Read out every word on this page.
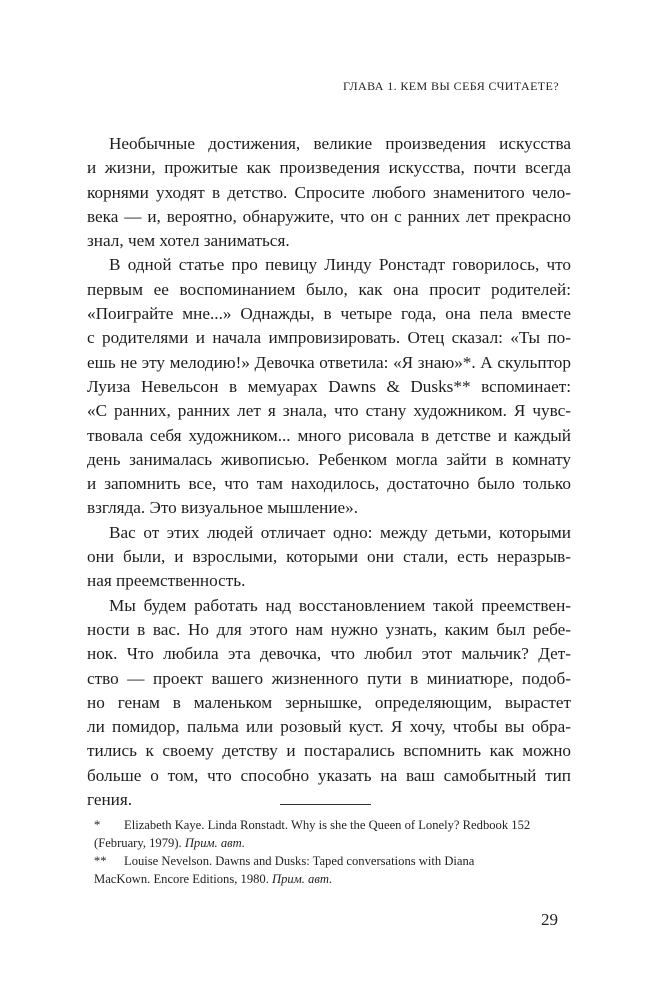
ГЛАВА 1. КЕМ ВЫ СЕБЯ СЧИТАЕТЕ?

Необычные достижения, великие произведения искусства

и жизни, прожитые как произведения искусства, почти всегда

корнями уходят в детство. Спросите любого знаменитого чело-

века — и, вероятно, обнаружите, что он с ранних лет прекрасно

знал, чем хотел заниматься.

В одной статье про певицу Линду Ронстадт говорилось, что

первым ее воспоминанием было, как она просит родителей:

«Поиграйте мне...» Однажды, в четыре года, она пела вместе

с родителями и начала импровизировать. Отец сказал: «Ты по-

ешь не эту мелодию!» Девочка ответила: «Я знаю»*. А скульптор

Луиза Невельсон в мемуарах Dawns & Dusks** вспоминает:

«С ранних, ранних лет я знала, что стану художником. Я чувс-

твовала себя художником... много рисовала в детстве и каждый

день занималась живописью. Ребенком могла зайти в комнату

и запомнить все, что там находилось, достаточно было только

взгляда. Это визуальное мышление».

Вас от этих людей отличает одно: между детьми, которыми

они были, и взрослыми, которыми они стали, есть неразрыв-

ная преемственность.

Мы будем работать над восстановлением такой преемствен-

ности в вас. Но для этого нам нужно узнать, каким был ребе-

нок. Что любила эта девочка, что любил этот мальчик? Дет-

ство — проект вашего жизненного пути в миниатюре, подоб-

но генам в маленьком зернышке, определяющим, вырастет

ли помидор, пальма или розовый куст. Я хочу, чтобы вы обра-

тились к своему детству и постарались вспомнить как можно

больше о том, что способно указать на ваш самобытный тип

гения.

* Elizabeth Kaye. Linda Ronstadt. Why is she the Queen of Lonely? Redbook 152

(February, 1979). Прим. авт.

** Louise Nevelson. Dawns and Dusks: Taped conversations with Diana

MacKown. Encore Editions, 1980. Прим. авт.

29
